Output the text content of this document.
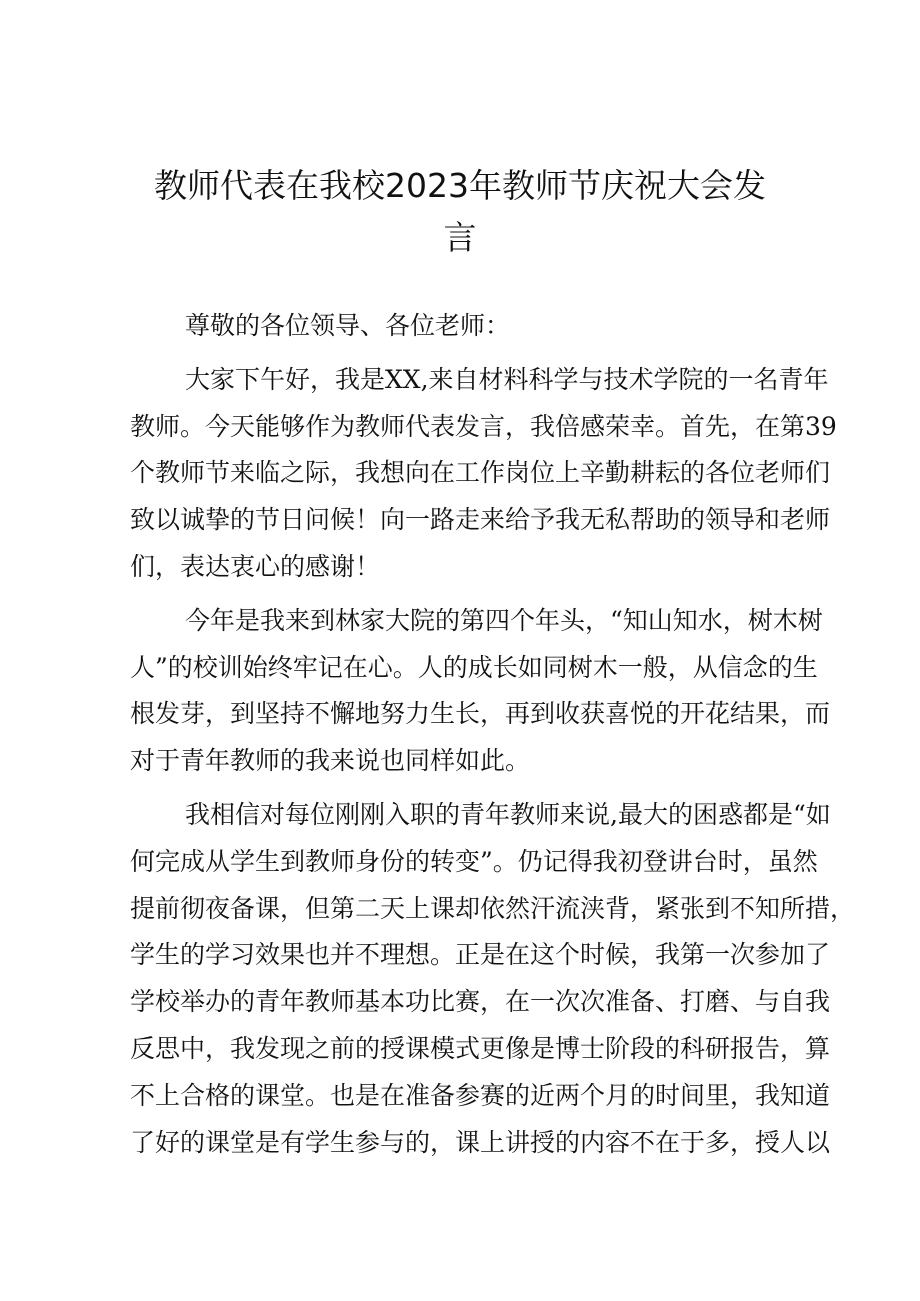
教师代表在我校2023年教师节庆祝大会发
言
尊敬的各位领导、各位老师：
大家下午好，我是XX,来自材料科学与技术学院的一名青年
教师。今天能够作为教师代表发言，我倍感荣幸。首先，在第39
个教师节来临之际，我想向在工作岗位上辛勤耕耘的各位老师们
致以诚挚的节日问候！向一路走来给予我无私帮助的领导和老师
们，表达衷心的感谢！
今年是我来到林家大院的第四个年头，“知山知水，树木树
人”的校训始终牢记在心。人的成长如同树木一般，从信念的生
根发芽，到坚持不懈地努力生长，再到收获喜悦的开花结果，而
对于青年教师的我来说也同样如此。
我相信对每位刚刚入职的青年教师来说,最大的困惑都是“如
何完成从学生到教师身份的转变”。仍记得我初登讲台时，虽然
提前彻夜备课，但第二天上课却依然汗流浃背，紧张到不知所措，
学生的学习效果也并不理想。正是在这个时候，我第一次参加了
学校举办的青年教师基本功比赛，在一次次准备、打磨、与自我
反思中，我发现之前的授课模式更像是博士阶段的科研报告，算
不上合格的课堂。也是在准备参赛的近两个月的时间里，我知道
了好的课堂是有学生参与的，课上讲授的内容不在于多，授人以
